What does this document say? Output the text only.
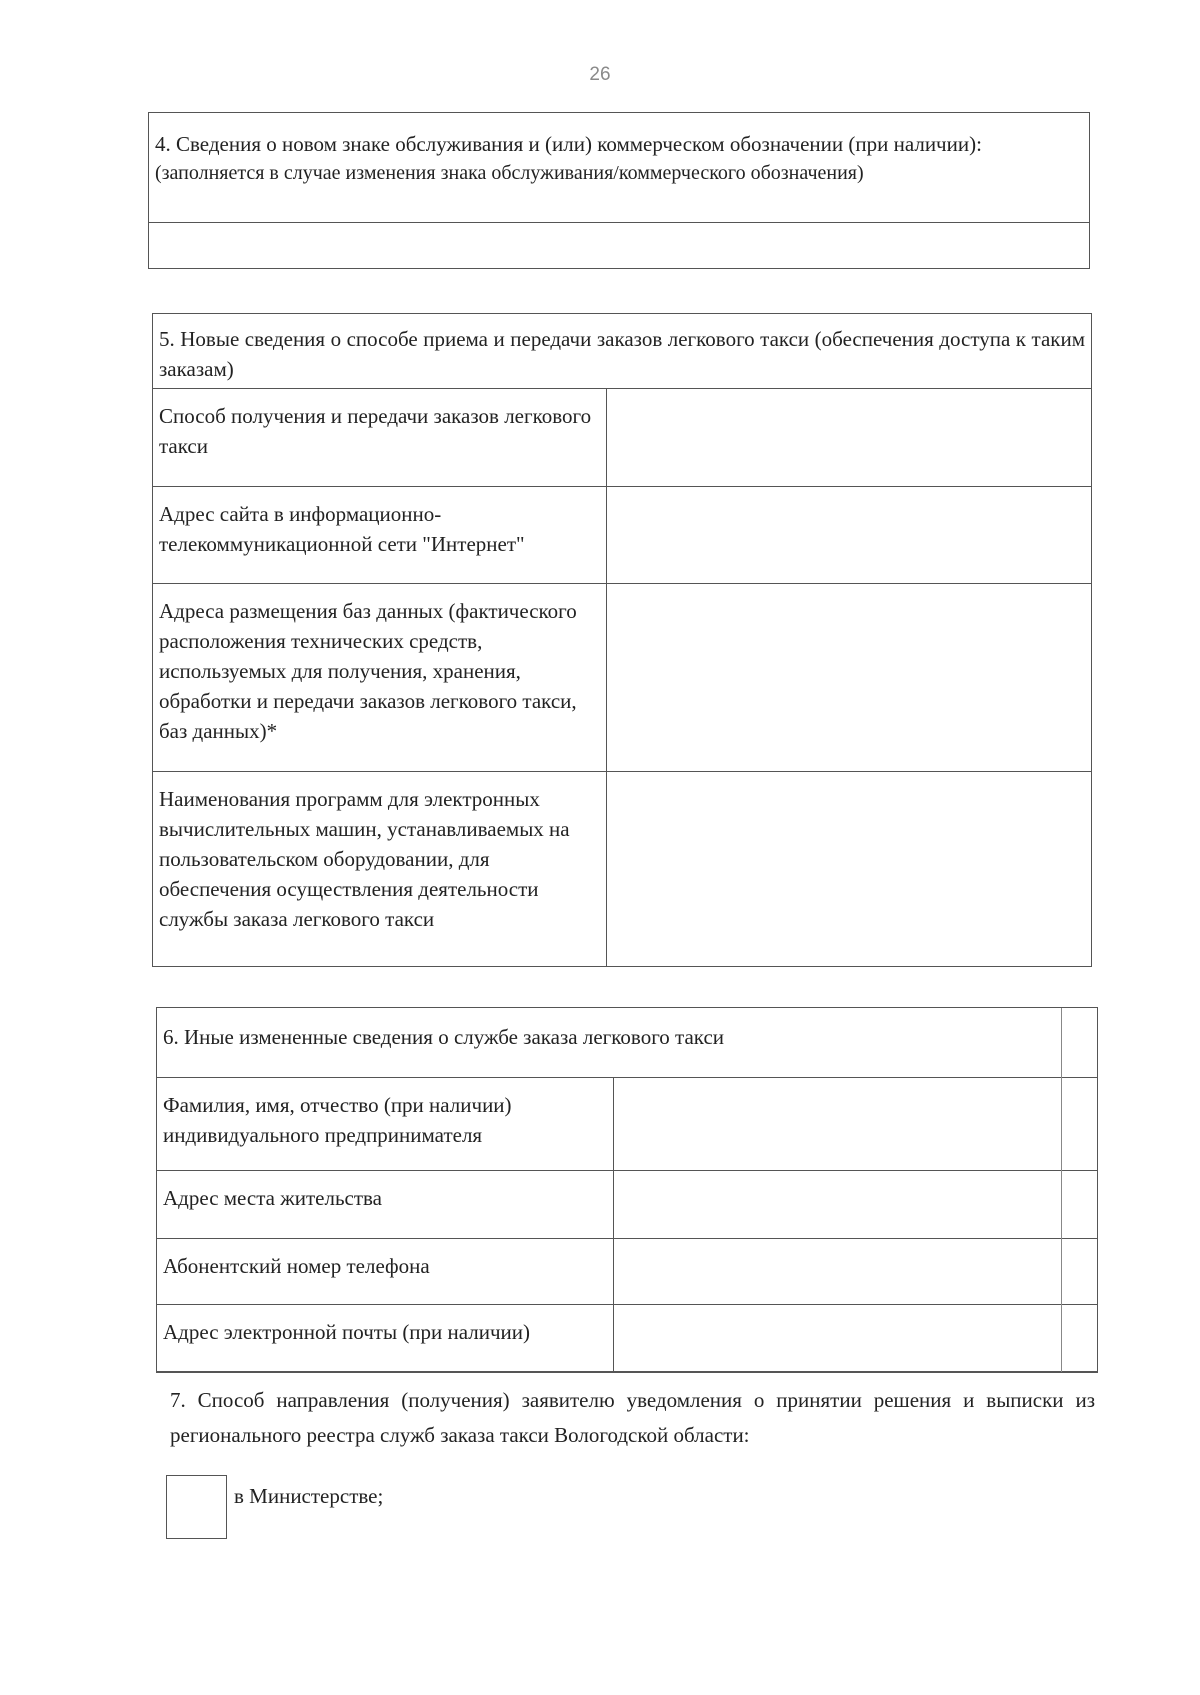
26

4. Сведения о новом знаке обслуживания и (или) коммерческом обозначении (при наличии):

(заполняется в случае изменения знака обслуживания/коммерческого обозначения)

5. Новые сведения о способе приема и передачи заказов легкового такси (обеспечения доступа к таким заказам)

Способ получения и передачи заказов легкового такси
Адрес сайта в информационно-телекоммуникационной сети "Интернет"
Адреса размещения баз данных (фактического расположения технических средств, используемых для получения, хранения, обработки и передачи заказов легкового такси, баз данных)*
Наименования программ для электронных вычислительных машин, устанавливаемых на пользовательском оборудовании, для обеспечения осуществления деятельности службы заказа легкового такси

6. Иные измененные сведения о службе заказа легкового такси

Фамилия, имя, отчество (при наличии) индивидуального предпринимателя
Адрес места жительства
Абонентский номер телефона
Адрес электронной почты (при наличии)

7. Способ направления (получения) заявителю уведомления о принятии решения и выписки из регионального реестра служб заказа такси Вологодской области:

в Министерстве;
